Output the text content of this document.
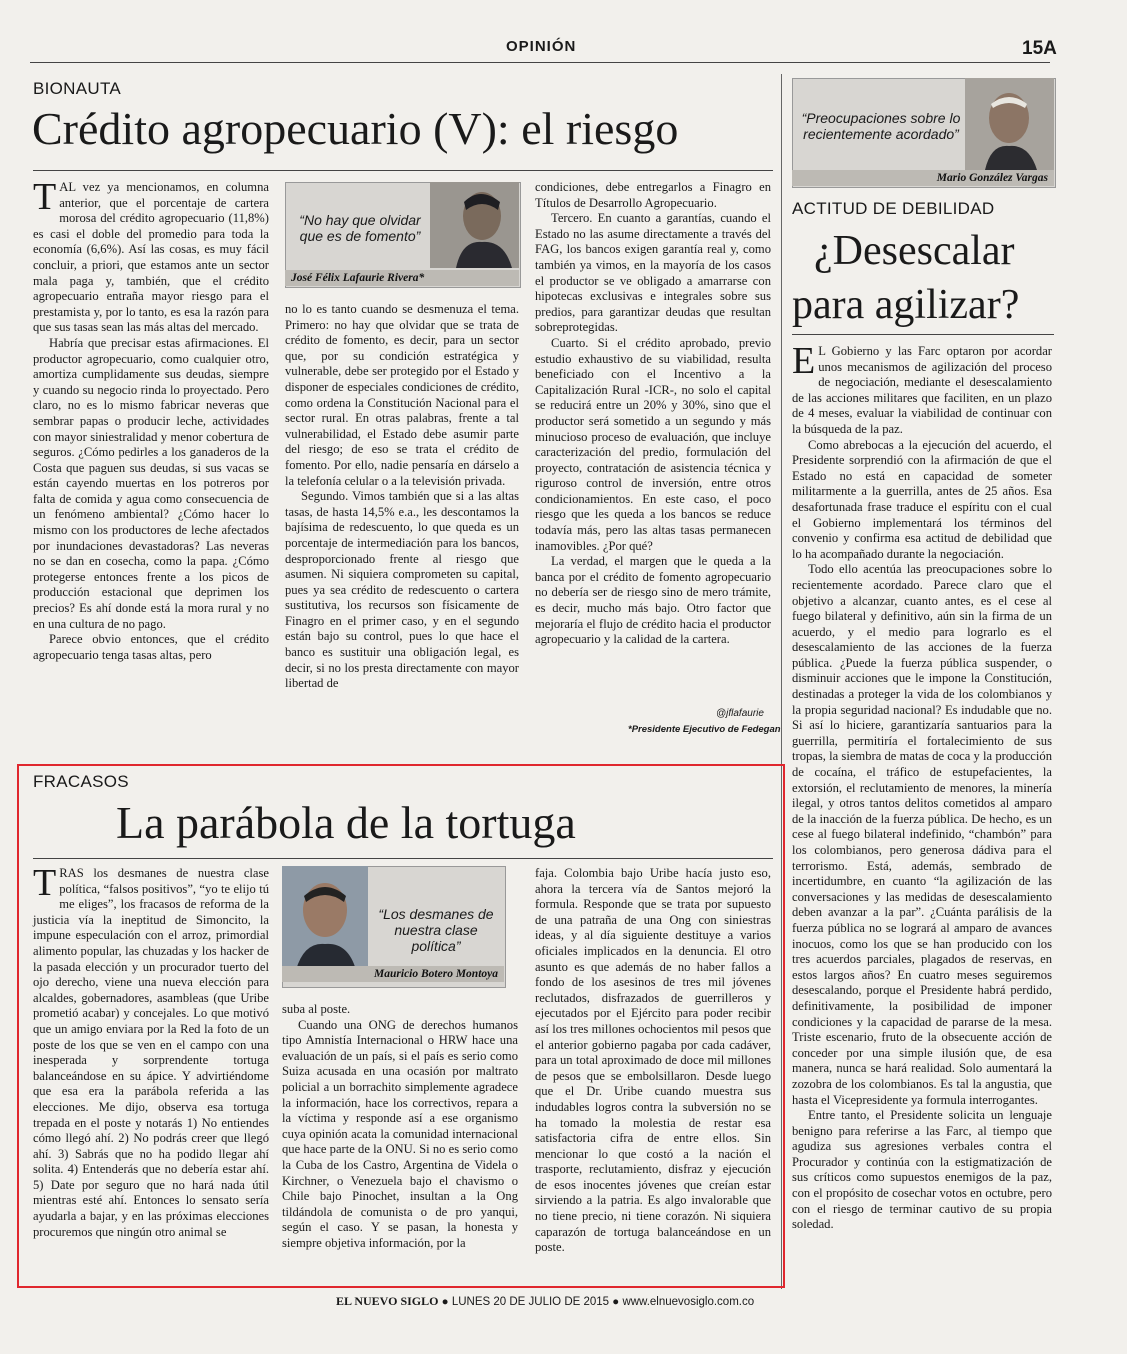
OPINIÓN	15A
BIONAUTA
Crédito agropecuario (V): el riesgo

TAL vez ya mencionamos, en columna anterior, que el porcentaje de cartera morosa del crédito agropecuario (11,8%) es casi el doble del promedio para toda la economía (6,6%). Así las cosas, es muy fácil concluir, a priori, que estamos ante un sector mala paga y, también, que el crédito agropecuario entraña mayor riesgo para el prestamista y, por lo tanto, es esa la razón para que sus tasas sean las más altas del mercado.

Habría que precisar estas afirmaciones. El productor agropecuario, como cualquier otro, amortiza cumplidamente sus deudas, siempre y cuando su negocio rinda lo proyectado. Pero claro, no es lo mismo fabricar neveras que sembrar papas o producir leche, actividades con mayor siniestralidad y menor cobertura de seguros. ¿Cómo pedirles a los ganaderos de la Costa que paguen sus deudas, si sus vacas se están cayendo muertas en los potreros por falta de comida y agua como consecuencia de un fenómeno ambiental? ¿Cómo hacer lo mismo con los productores de leche afectados por inundaciones devastadoras? Las neveras no se dan en cosecha, como la papa. ¿Cómo protegerse entonces frente a los picos de producción estacional que deprimen los precios? Es ahí donde está la mora rural y no en una cultura de no pago.

Parece obvio entonces, que el crédito agropecuario tenga tasas altas, pero

“No hay que olvidar que es de fomento”
José Félix Lafaurie Rivera*

no lo es tanto cuando se desmenuza el tema. Primero: no hay que olvidar que se trata de crédito de fomento, es decir, para un sector que, por su condición estratégica y vulnerable, debe ser protegido por el Estado y disponer de especiales condiciones de crédito, como ordena la Constitución Nacional para el sector rural. En otras palabras, frente a tal vulnerabilidad, el Estado debe asumir parte del riesgo; de eso se trata el crédito de fomento. Por ello, nadie pensaría en dárselo a la telefonía celular o a la televisión privada.

Segundo. Vimos también que si a las altas tasas, de hasta 14,5% e.a., les descontamos la bajísima de redescuento, lo que queda es un porcentaje de intermediación para los bancos, desproporcionado frente al riesgo que asumen. Ni siquiera comprometen su capital, pues ya sea crédito de redescuento o cartera sustitutiva, los recursos son físicamente de Finagro en el primer caso, y en el segundo están bajo su control, pues lo que hace el banco es sustituir una obligación legal, es decir, si no los presta directamente con mayor libertad de

condiciones, debe entregarlos a Finagro en Títulos de Desarrollo Agropecuario.

Tercero. En cuanto a garantías, cuando el Estado no las asume directamente a través del FAG, los bancos exigen garantía real y, como también ya vimos, en la mayoría de los casos el productor se ve obligado a amarrarse con hipotecas exclusivas e integrales sobre sus predios, para garantizar deudas que resultan sobreprotegidas.

Cuarto. Si el crédito aprobado, previo estudio exhaustivo de su viabilidad, resulta beneficiado con el Incentivo a la Capitalización Rural -ICR-, no solo el capital se reducirá entre un 20% y 30%, sino que el productor será sometido a un segundo y más minucioso proceso de evaluación, que incluye caracterización del predio, formulación del proyecto, contratación de asistencia técnica y riguroso control de inversión, entre otros condicionamientos. En este caso, el poco riesgo que les queda a los bancos se reduce todavía más, pero las altas tasas permanecen inamovibles. ¿Por qué?

La verdad, el margen que le queda a la banca por el crédito de fomento agropecuario no debería ser de riesgo sino de mero trámite, es decir, mucho más bajo. Otro factor que mejoraría el flujo de crédito hacia el productor agropecuario y la calidad de la cartera.

@jflafaurie
*Presidente Ejecutivo de Fedegan
“Preocupaciones sobre lo recientemente acordado”
Mario González Vargas
ACTITUD DE DEBILIDAD
¿Desescalar
para agilizar?

E L Gobierno y las Farc optaron por acordar unos mecanismos de agilización del proceso de negociación, mediante el desescalamiento de las acciones militares que faciliten, en un plazo de 4 meses, evaluar la viabilidad de continuar con la búsqueda de la paz.

Como abrebocas a la ejecución del acuerdo, el Presidente sorprendió con la afirmación de que el Estado no está en capacidad de someter militarmente a la guerrilla, antes de 25 años. Esa desafortunada frase traduce el espíritu con el cual el Gobierno implementará los términos del convenio y confirma esa actitud de debilidad que lo ha acompañado durante la negociación.

Todo ello acentúa las preocupaciones sobre lo recientemente acordado. Parece claro que el objetivo a alcanzar, cuanto antes, es el cese al fuego bilateral y definitivo, aún sin la firma de un acuerdo, y el medio para lograrlo es el desescalamiento de las acciones de la fuerza pública. ¿Puede la fuerza pública suspender, o disminuir acciones que le impone la Constitución, destinadas a proteger la vida de los colombianos y la propia seguridad nacional? Es indudable que no. Si así lo hiciere, garantizaría santuarios para la guerrilla, permitiría el fortalecimiento de sus tropas, la siembra de matas de coca y la producción de cocaína, el tráfico de estupefacientes, la extorsión, el reclutamiento de menores, la minería ilegal, y otros tantos delitos cometidos al amparo de la inacción de la fuerza pública. De hecho, es un cese al fuego bilateral indefinido, “chambón” para los colombianos, pero generosa dádiva para el terrorismo. Está, además, sembrado de incertidumbre, en cuanto “la agilización de las conversaciones y las medidas de desescalamiento deben avanzar a la par”. ¿Cuánta parálisis de la fuerza pública no se logrará al amparo de avances inocuos, como los que se han producido con los tres acuerdos parciales, plagados de reservas, en estos largos años? En cuatro meses seguiremos desescalando, porque el Presidente habrá perdido, definitivamente, la posibilidad de imponer condiciones y la capacidad de pararse de la mesa. Triste escenario, fruto de la obsecuente acción de conceder por una simple ilusión que, de esa manera, nunca se hará realidad. Solo aumentará la zozobra de los colombianos. Es tal la angustia, que hasta el Vicepresidente ya formula interrogantes.

Entre tanto, el Presidente solicita un lenguaje benigno para referirse a las Farc, al tiempo que agudiza sus agresiones verbales contra el Procurador y continúa con la estigmatización de sus críticos como supuestos enemigos de la paz, con el propósito de cosechar votos en octubre, pero con el riesgo de terminar cautivo de su propia soledad.

FRACASOS
La parábola de la tortuga

TRAS los desmanes de nuestra clase política, “falsos positivos”, “yo te elijo tú me eliges”, los fracasos de reforma de la justicia vía la ineptitud de Simoncito, la impune especulación con el arroz, primordial alimento popular, las chuzadas y los hacker de la pasada elección y un procurador tuerto del ojo derecho, viene una nueva elección para alcaldes, gobernadores, asambleas (que Uribe prometió acabar) y concejales. Lo que motivó que un amigo enviara por la Red la foto de un poste de los que se ven en el campo con una inesperada y sorprendente tortuga balanceándose en su ápice. Y advirtiéndome que esa era la parábola referida a las elecciones. Me dijo, observa esa tortuga trepada en el poste y notarás 1) No entiendes cómo llegó ahí. 2) No podrás creer que llegó ahí. 3) Sabrás que no ha podido llegar ahí solita. 4) Entenderás que no debería estar ahí. 5) Date por seguro que no hará nada útil mientras esté ahí. Entonces lo sensato sería ayudarla a bajar, y en las próximas elecciones procuremos que ningún otro animal se

“Los desmanes de nuestra clase política”
Mauricio Botero Montoya

suba al poste.

Cuando una ONG de derechos humanos tipo Amnistía Internacional o HRW hace una evaluación de un país, si el país es serio como Suiza acusada en una ocasión por maltrato policial a un borrachito simplemente agradece la información, hace los correctivos, repara a la víctima y responde así a ese organismo cuya opinión acata la comunidad internacional que hace parte de la ONU. Si no es serio como la Cuba de los Castro, Argentina de Videla o Kirchner, o Venezuela bajo el chavismo o Chile bajo Pinochet, insultan a la Ong tildándola de comunista o de pro yanqui, según el caso. Y se pasan, la honesta y siempre objetiva información, por la

faja. Colombia bajo Uribe hacía justo eso, ahora la tercera vía de Santos mejoró la formula. Responde que se trata por supuesto de una patraña de una Ong con siniestras ideas, y al día siguiente destituye a varios oficiales implicados en la denuncia. El otro asunto es que además de no haber fallos a fondo de los asesinos de tres mil jóvenes reclutados, disfrazados de guerrilleros y ejecutados por el Ejército para poder recibir así los tres millones ochocientos mil pesos que el anterior gobierno pagaba por cada cadáver, para un total aproximado de doce mil millones de pesos que se embolsillaron. Desde luego que el Dr. Uribe cuando muestra sus indudables logros contra la subversión no se ha tomado la molestia de restar esa satisfactoria cifra de entre ellos. Sin mencionar lo que costó a la nación el trasporte, reclutamiento, disfraz y ejecución de esos inocentes jóvenes que creían estar sirviendo a la patria. Es algo invalorable que no tiene precio, ni tiene corazón. Ni siquiera caparazón de tortuga balanceándose en un poste.

EL NUEVO SIGLO ● LUNES 20 DE JULIO DE 2015 ● www.elnuevosiglo.com.co
